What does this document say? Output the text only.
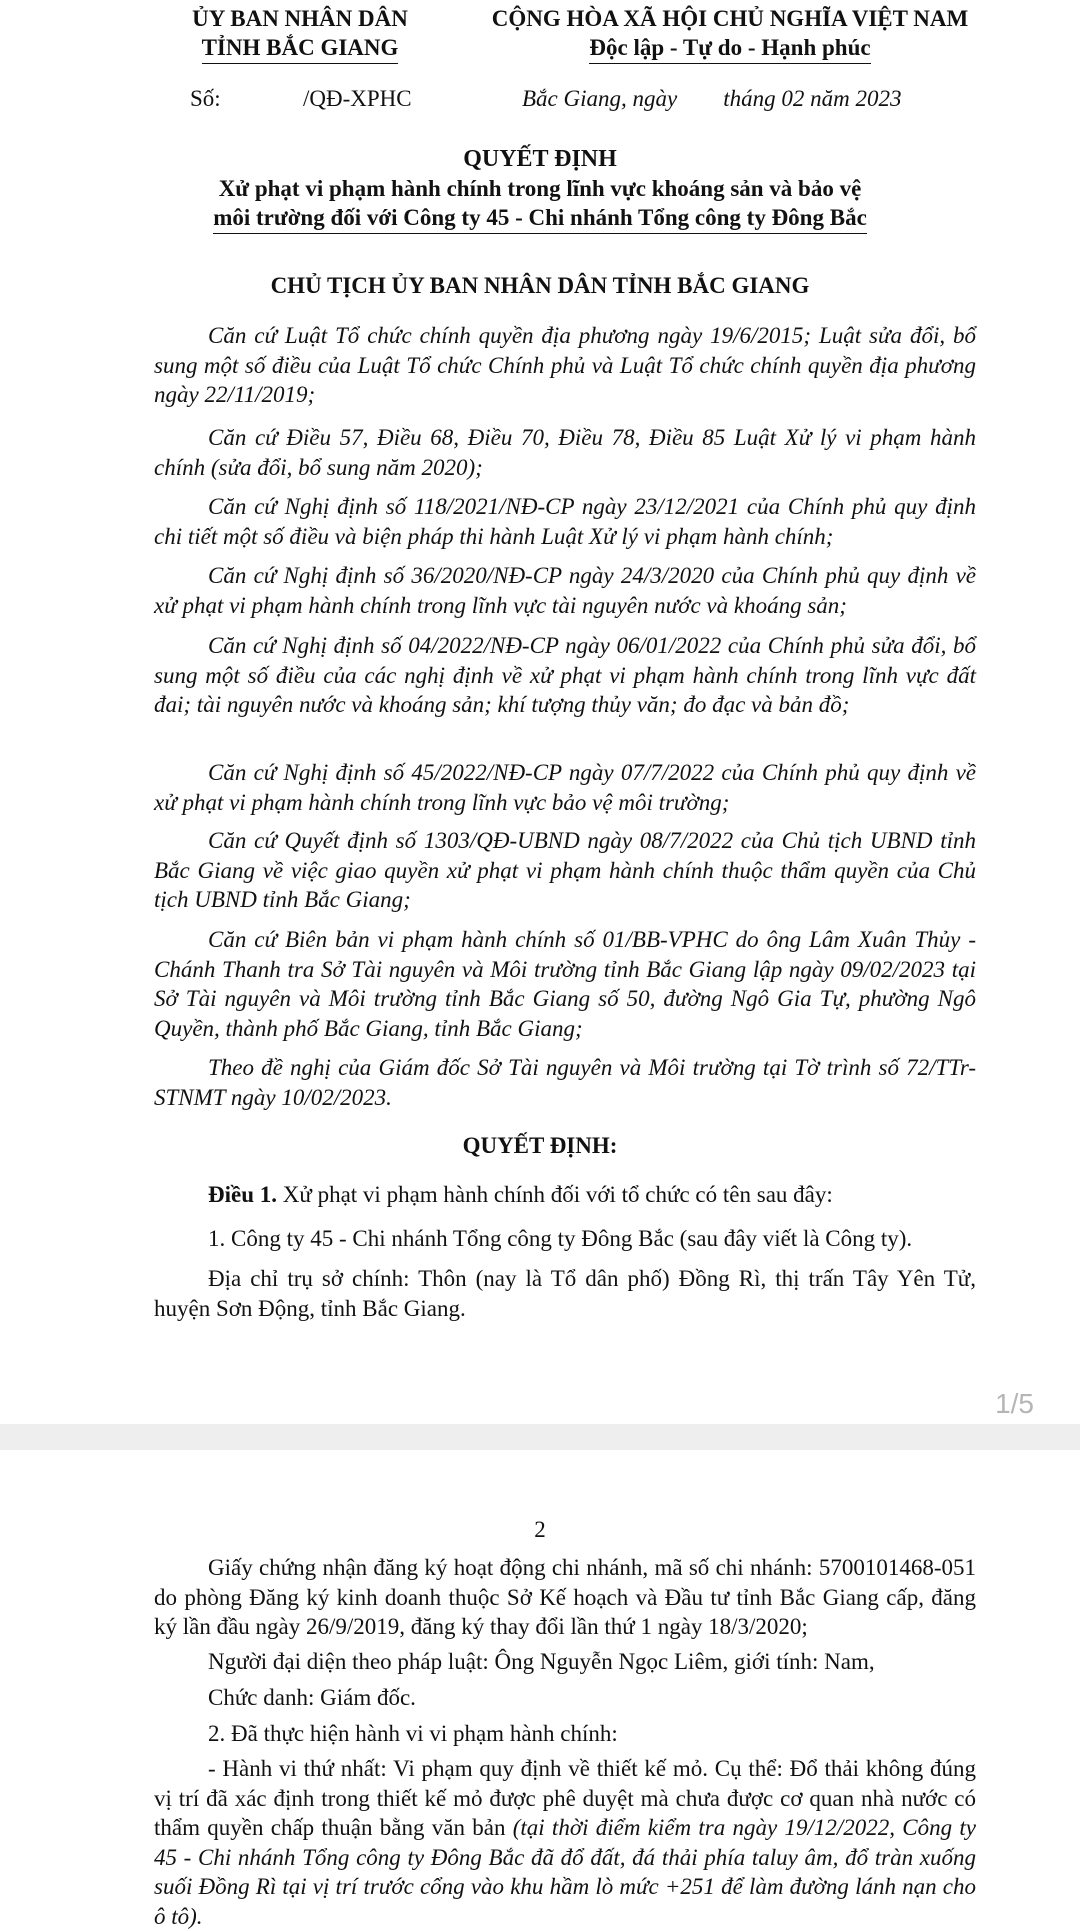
ỦY BAN NHÂN DÂN
TỈNH BẮC GIANG
CỘNG HÒA XÃ HỘI CHỦ NGHĨA VIỆT NAM
Độc lập - Tự do - Hạnh phúc
Số:	/QĐ-XPHC	Bắc Giang, ngày        tháng 02 năm 2023
QUYẾT ĐỊNH
Xử phạt vi phạm hành chính trong lĩnh vực khoáng sản và bảo vệ
môi trường đối với Công ty 45 - Chi nhánh Tổng công ty Đông Bắc
CHỦ TỊCH ỦY BAN NHÂN DÂN TỈNH BẮC GIANG

Căn cứ Luật Tổ chức chính quyền địa phương ngày 19/6/2015; Luật sửa đổi, bổ sung một số điều của Luật Tổ chức Chính phủ và Luật Tổ chức chính quyền địa phương ngày 22/11/2019;

Căn cứ Điều 57, Điều 68, Điều 70, Điều 78, Điều 85 Luật Xử lý vi phạm hành chính (sửa đổi, bổ sung năm 2020);

Căn cứ Nghị định số 118/2021/NĐ-CP ngày 23/12/2021 của Chính phủ quy định chi tiết một số điều và biện pháp thi hành Luật Xử lý vi phạm hành chính;

Căn cứ Nghị định số 36/2020/NĐ-CP ngày 24/3/2020 của Chính phủ quy định về xử phạt vi phạm hành chính trong lĩnh vực tài nguyên nước và khoáng sản;

Căn cứ Nghị định số 04/2022/NĐ-CP ngày 06/01/2022 của Chính phủ sửa đổi, bổ sung một số điều của các nghị định về xử phạt vi phạm hành chính trong lĩnh vực đất đai; tài nguyên nước và khoáng sản; khí tượng thủy văn; đo đạc và bản đồ;

Căn cứ Nghị định số 45/2022/NĐ-CP ngày 07/7/2022 của Chính phủ quy định về xử phạt vi phạm hành chính trong lĩnh vực bảo vệ môi trường;

Căn cứ Quyết định số 1303/QĐ-UBND ngày 08/7/2022 của Chủ tịch UBND tỉnh Bắc Giang về việc giao quyền xử phạt vi phạm hành chính thuộc thẩm quyền của Chủ tịch UBND tỉnh Bắc Giang;

Căn cứ Biên bản vi phạm hành chính số 01/BB-VPHC do ông Lâm Xuân Thủy - Chánh Thanh tra Sở Tài nguyên và Môi trường tỉnh Bắc Giang lập ngày 09/02/2023 tại Sở Tài nguyên và Môi trường tỉnh Bắc Giang số 50, đường Ngô Gia Tự, phường Ngô Quyền, thành phố Bắc Giang, tỉnh Bắc Giang;

Theo đề nghị của Giám đốc Sở Tài nguyên và Môi trường tại Tờ trình số 72/TTr-STNMT ngày 10/02/2023.

QUYẾT ĐỊNH:

Điều 1. Xử phạt vi phạm hành chính đối với tổ chức có tên sau đây:

1. Công ty 45 - Chi nhánh Tổng công ty Đông Bắc (sau đây viết là Công ty).

Địa chỉ trụ sở chính: Thôn (nay là Tổ dân phố) Đồng Rì, thị trấn Tây Yên Tử, huyện Sơn Động, tỉnh Bắc Giang.

1/5
2

Giấy chứng nhận đăng ký hoạt động chi nhánh, mã số chi nhánh: 5700101468-051 do phòng Đăng ký kinh doanh thuộc Sở Kế hoạch và Đầu tư tỉnh Bắc Giang cấp, đăng ký lần đầu ngày 26/9/2019, đăng ký thay đổi lần thứ 1 ngày 18/3/2020;

Người đại diện theo pháp luật: Ông Nguyễn Ngọc Liêm, giới tính: Nam,

Chức danh: Giám đốc.

2. Đã thực hiện hành vi vi phạm hành chính:

- Hành vi thứ nhất: Vi phạm quy định về thiết kế mỏ. Cụ thể: Đổ thải không đúng vị trí đã xác định trong thiết kế mỏ được phê duyệt mà chưa được cơ quan nhà nước có thẩm quyền chấp thuận bằng văn bản (tại thời điểm kiểm tra ngày 19/12/2022, Công ty 45 - Chi nhánh Tổng công ty Đông Bắc đã đổ đất, đá thải phía taluy âm, đổ tràn xuống suối Đồng Rì tại vị trí trước cổng vào khu hầm lò mức +251 để làm đường lánh nạn cho ô tô).
